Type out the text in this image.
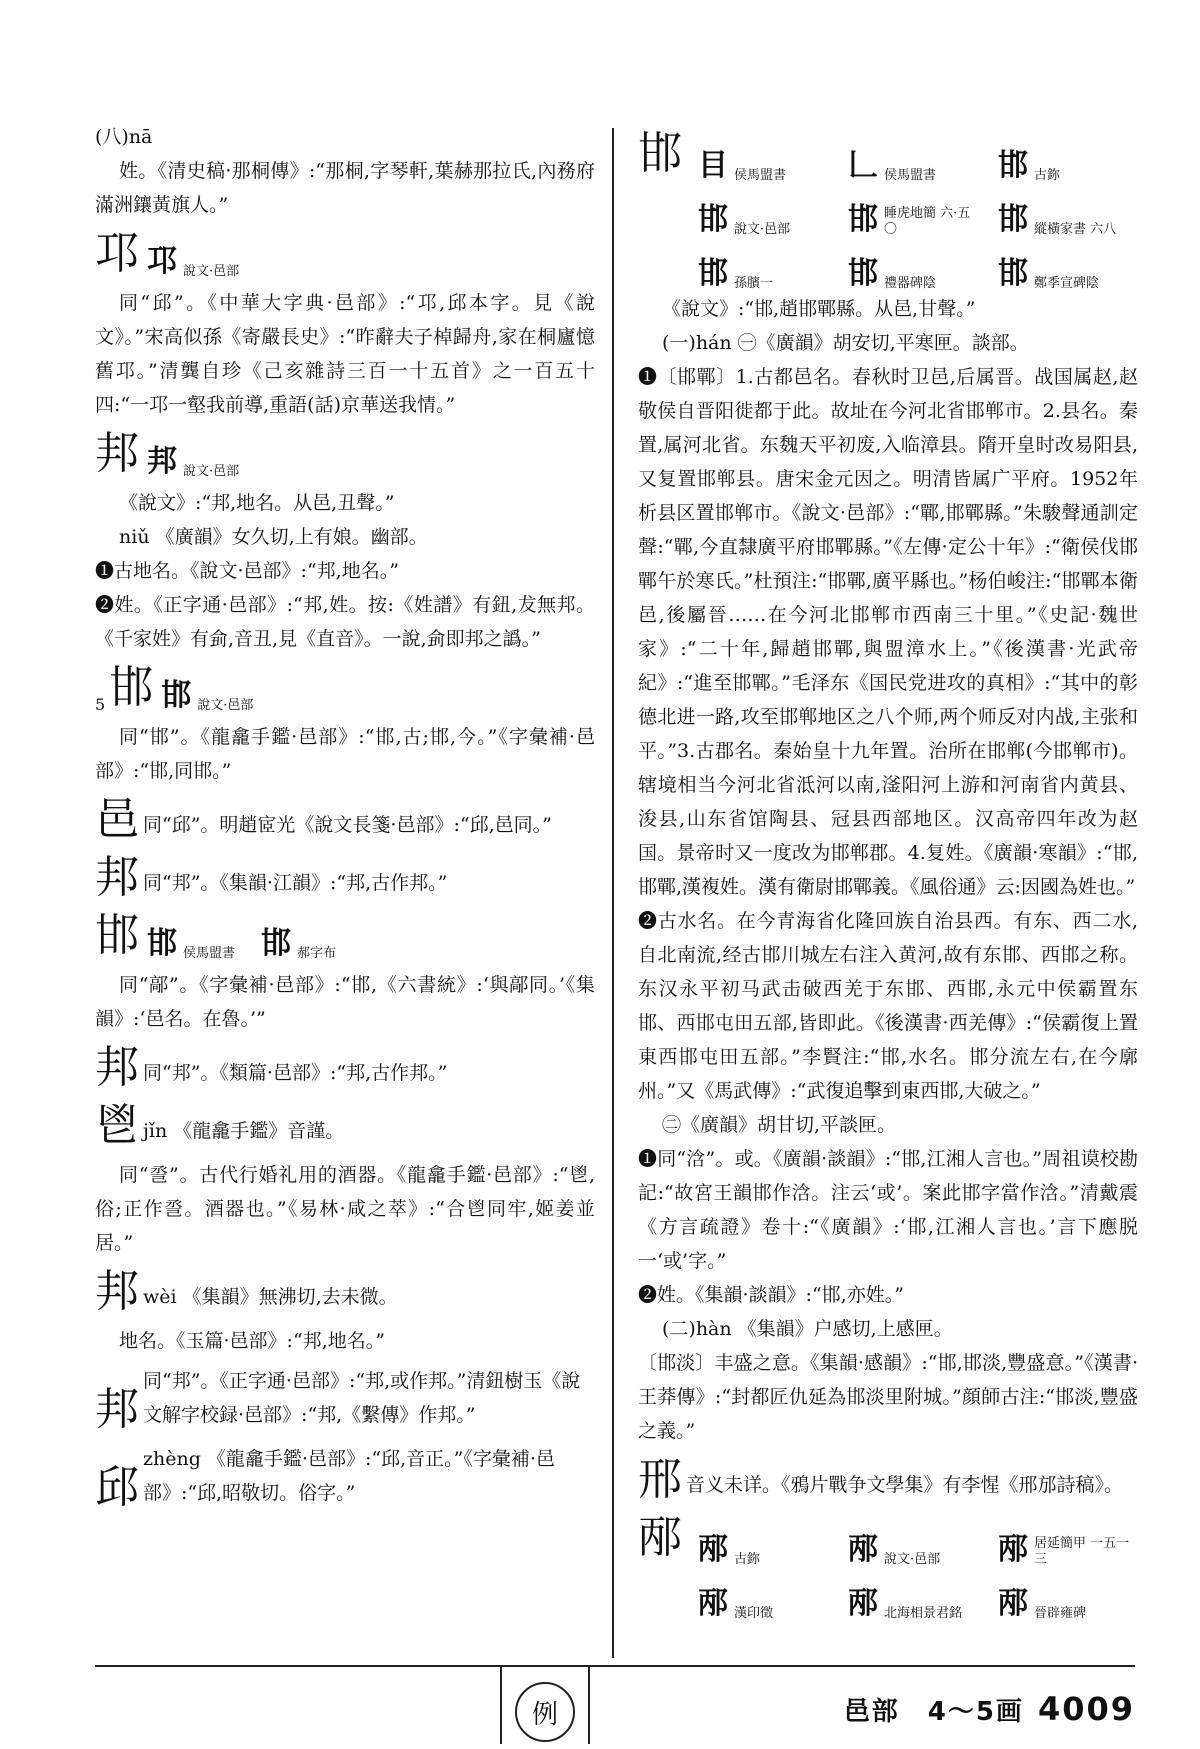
(八)nā

姓。《清史稿·那桐傳》:“那桐,字琴軒,葉赫那拉氏,內務府滿洲鑲黃旗人。”

邛 邛 說文·邑部

同“邱”。《中華大字典·邑部》:“邛,邱本字。見《說文》。”宋高似孫《寄嚴長史》:“昨辭夫子棹歸舟,家在桐廬憶舊邛。”清龔自珍《己亥雜詩三百一十五首》之一百五十四:“一邛一壑我前導,重語(話)京華送我情。”

邦 邦 說文·邑部

《說文》:“邦,地名。从邑,丑聲。”

niǔ 《廣韻》女久切,上有娘。幽部。

❶古地名。《說文·邑部》:“邦,地名。”

❷姓。《正字通·邑部》:“邦,姓。按:《姓譜》有鈕,犮無邦。《千家姓》有侴,音丑,見《直音》。一說,侴即邦之譌。”

5 邯 邯 說文·邑部

同“邯”。《龍龕手鑑·邑部》:“邯,古;邯,今。”《字彙補·邑部》:“邯,同邯。”

邑 同“邱”。明趙宧光《說文長箋·邑部》:“邱,邑同。”
邦 同“邦”。《集韻·江韻》:“邦,古作邦。”
邯 邯 侯馬盟書 邯 郝字布

同“鄗”。《字彙補·邑部》:“邯,《六書統》:‘與鄗同。’《集韻》:‘邑名。在魯。’”

邦 同“邦”。《類篇·邑部》:“邦,古作邦。”
鬯 jǐn 《龍龕手鑑》音謹。

同“巹”。古代行婚礼用的酒器。《龍龕手鑑·邑部》:“鬯,俗;正作巹。酒器也。”《易林·咸之萃》:“合鬯同牢,姬姜並居。”

邦 wèi 《集韻》無沸切,去未微。

地名。《玉篇·邑部》:“邦,地名。”

邦
同“邦”。《正字通·邑部》:“邦,或作邦。”清鈕樹玉《說文解字校録·邑部》:“邦,《繫傳》作邦。”
邱
zhèng 《龍龕手鑑·邑部》:“邱,音正。”《字彙補·邑部》:“邱,昭敬切。俗字。”
邯 目 侯馬盟書 𠃊 侯馬盟書 邯 古鉨
邯 說文·邑部 邯 睡虎地簡 六·五〇	邯 縱橫家書 六八
邯 孫臏一 邯 禮器碑陰 邯 鄭季宣碑陰

《說文》:“邯,趙邯鄲縣。从邑,甘聲。”

(一)hán ㊀《廣韻》胡安切,平寒匣。談部。

❶〔邯鄲〕1.古都邑名。春秋时卫邑,后属晋。战国属赵,赵敬侯自晋阳徙都于此。故址在今河北省邯郸市。2.县名。秦置,属河北省。东魏天平初废,入临漳县。隋开皇时改易阳县,又复置邯郸县。唐宋金元因之。明清皆属广平府。1952年析县区置邯郸市。《說文·邑部》:“鄲,邯鄲縣。”朱駿聲通訓定聲:“鄲,今直隸廣平府邯鄲縣。”《左傳·定公十年》:“衛侯伐邯鄲午於寒氏。”杜預注:“邯鄲,廣平縣也。”杨伯峻注:“邯鄲本衛邑,後屬晉……在今河北邯郸市西南三十里。”《史記·魏世家》:“二十年,歸趙邯鄲,與盟漳水上。”《後漢書·光武帝紀》:“進至邯鄲。”毛泽东《国民党进攻的真相》:“其中的彰德北进一路,攻至邯郸地区之八个师,两个师反对内战,主张和平。”3.古郡名。秦始皇十九年置。治所在邯郸(今邯郸市)。辖境相当今河北省泜河以南,滏阳河上游和河南省内黄县、浚县,山东省馆陶县、冠县西部地区。汉高帝四年改为赵国。景帝时又一度改为邯郸郡。4.复姓。《廣韻·寒韻》:“邯,邯鄲,漢複姓。漢有衛尉邯鄲義。《風俗通》云:因國為姓也。”

❷古水名。在今青海省化隆回族自治县西。有东、西二水,自北南流,经古邯川城左右注入黄河,故有东邯、西邯之称。东汉永平初马武击破西羌于东邯、西邯,永元中侯霸置东邯、西邯屯田五部,皆即此。《後漢書·西羌傳》:“侯霸復上置東西邯屯田五部。”李賢注:“邯,水名。邯分流左右,在今廓州。”又《馬武傳》:“武復追擊到東西邯,大破之。”

㊁《廣韻》胡甘切,平談匣。

❶同“浛”。或。《廣韻·談韻》:“邯,江湘人言也。”周祖谟校勘記:“故宮王韻邯作浛。注云‘或’。案此邯字當作浛。”清戴震《方言疏證》卷十:“《廣韻》:‘邯,江湘人言也。’言下應脱一‘或’字。”

❷姓。《集韻·談韻》:“邯,亦姓。”

(二)hàn 《集韻》户感切,上感匣。

〔邯淡〕丰盛之意。《集韻·感韻》:“邯,邯淡,豐盛意。”《漢書·王莽傳》:“封都匠仇延為邯淡里附城。”顔師古注:“邯淡,豐盛之義。”

邢 音义未详。《鴉片戰争文學集》有李惺《邢邡詩稿》。
邴 邴 古鉨	邴 說文·邑部 邴 居延簡甲 一五一三
邴 漢印徵 邴 北海相景君銘 邴 晉辟雍碑
例	邑部　4～5画 4009
